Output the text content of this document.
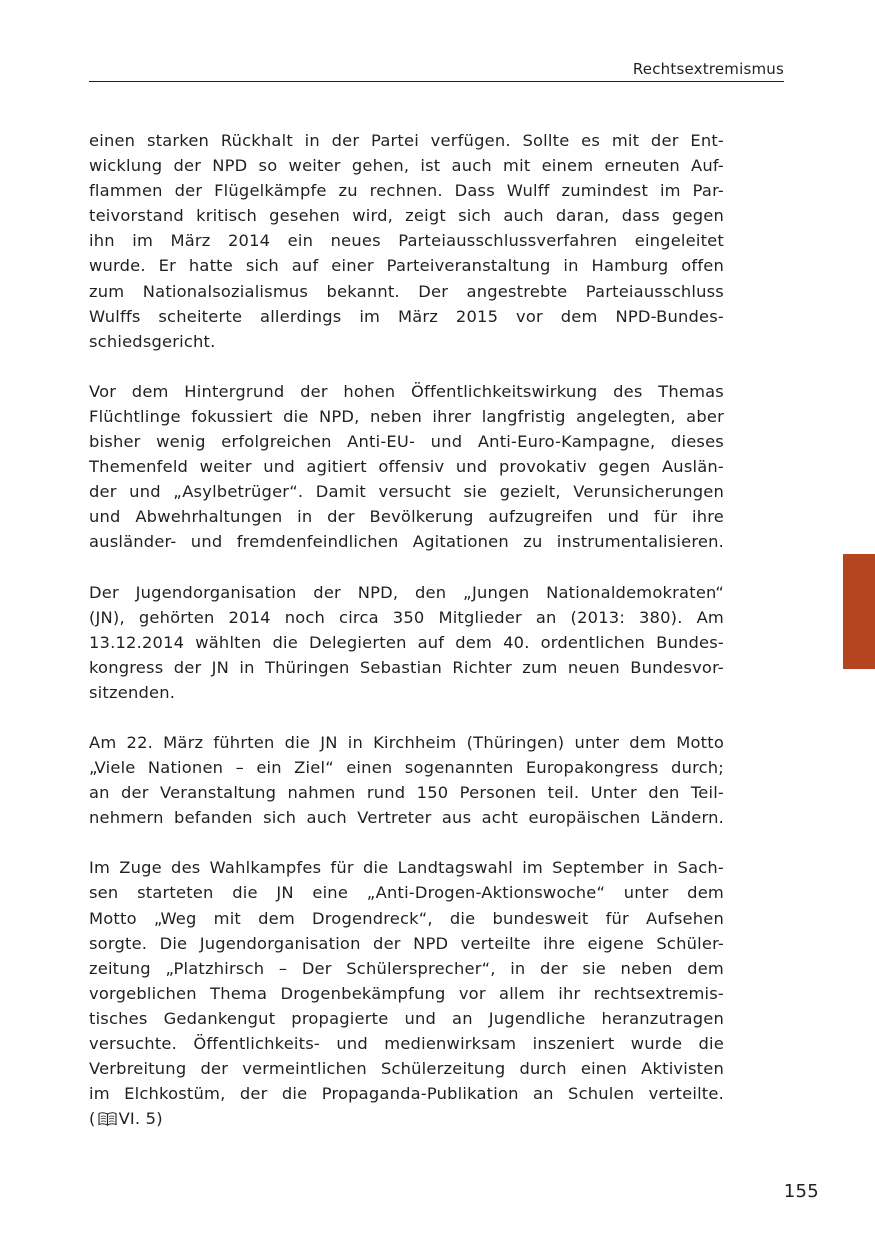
Rechtsextremismus

einen starken Rückhalt in der Partei verfügen. Sollte es mit der Ent-
wicklung der NPD so weiter gehen, ist auch mit einem erneuten Auf-
flammen der Flügelkämpfe zu rechnen. Dass Wulff zumindest im Par-
teivorstand kritisch gesehen wird, zeigt sich auch daran, dass gegen
ihn im März 2014 ein neues Parteiausschlussverfahren eingeleitet
wurde. Er hatte sich auf einer Parteiveranstaltung in Hamburg offen
zum Nationalsozialismus bekannt. Der angestrebte Parteiausschluss
Wulffs scheiterte allerdings im März 2015 vor dem NPD-Bundes-
schiedsgericht.

Vor dem Hintergrund der hohen Öffentlichkeitswirkung des Themas
Flüchtlinge fokussiert die NPD, neben ihrer langfristig angelegten, aber
bisher wenig erfolgreichen Anti-EU- und Anti-Euro-Kampagne, dieses
Themenfeld weiter und agitiert offensiv und provokativ gegen Auslän-
der und „Asylbetrüger“. Damit versucht sie gezielt, Verunsicherungen
und Abwehrhaltungen in der Bevölkerung aufzugreifen und für ihre
ausländer- und fremdenfeindlichen Agitationen zu instrumentalisieren.

Der Jugendorganisation der NPD, den „Jungen Nationaldemokraten“
(JN), gehörten 2014 noch circa 350 Mitglieder an (2013: 380). Am
13.12.2014 wählten die Delegierten auf dem 40. ordentlichen Bundes-
kongress der JN in Thüringen Sebastian Richter zum neuen Bundesvor-
sitzenden.

Am 22. März führten die JN in Kirchheim (Thüringen) unter dem Motto
„Viele Nationen – ein Ziel“ einen sogenannten Europakongress durch;
an der Veranstaltung nahmen rund 150 Personen teil. Unter den Teil-
nehmern befanden sich auch Vertreter aus acht europäischen Ländern.

Im Zuge des Wahlkampfes für die Landtagswahl im September in Sach-
sen starteten die JN eine „Anti-Drogen-Aktionswoche“ unter dem
Motto „Weg mit dem Drogendreck“, die bundesweit für Aufsehen
sorgte. Die Jugendorganisation der NPD verteilte ihre eigene Schüler-
zeitung „Platzhirsch – Der Schülersprecher“, in der sie neben dem
vorgeblichen Thema Drogenbekämpfung vor allem ihr rechtsextremis-
tisches Gedankengut propagierte und an Jugendliche heranzutragen
versuchte. Öffentlichkeits- und medienwirksam inszeniert wurde die
Verbreitung der vermeintlichen Schülerzeitung durch einen Aktivisten
im Elchkostüm, der die Propaganda-Publikation an Schulen verteilte.
( VI. 5)

155
